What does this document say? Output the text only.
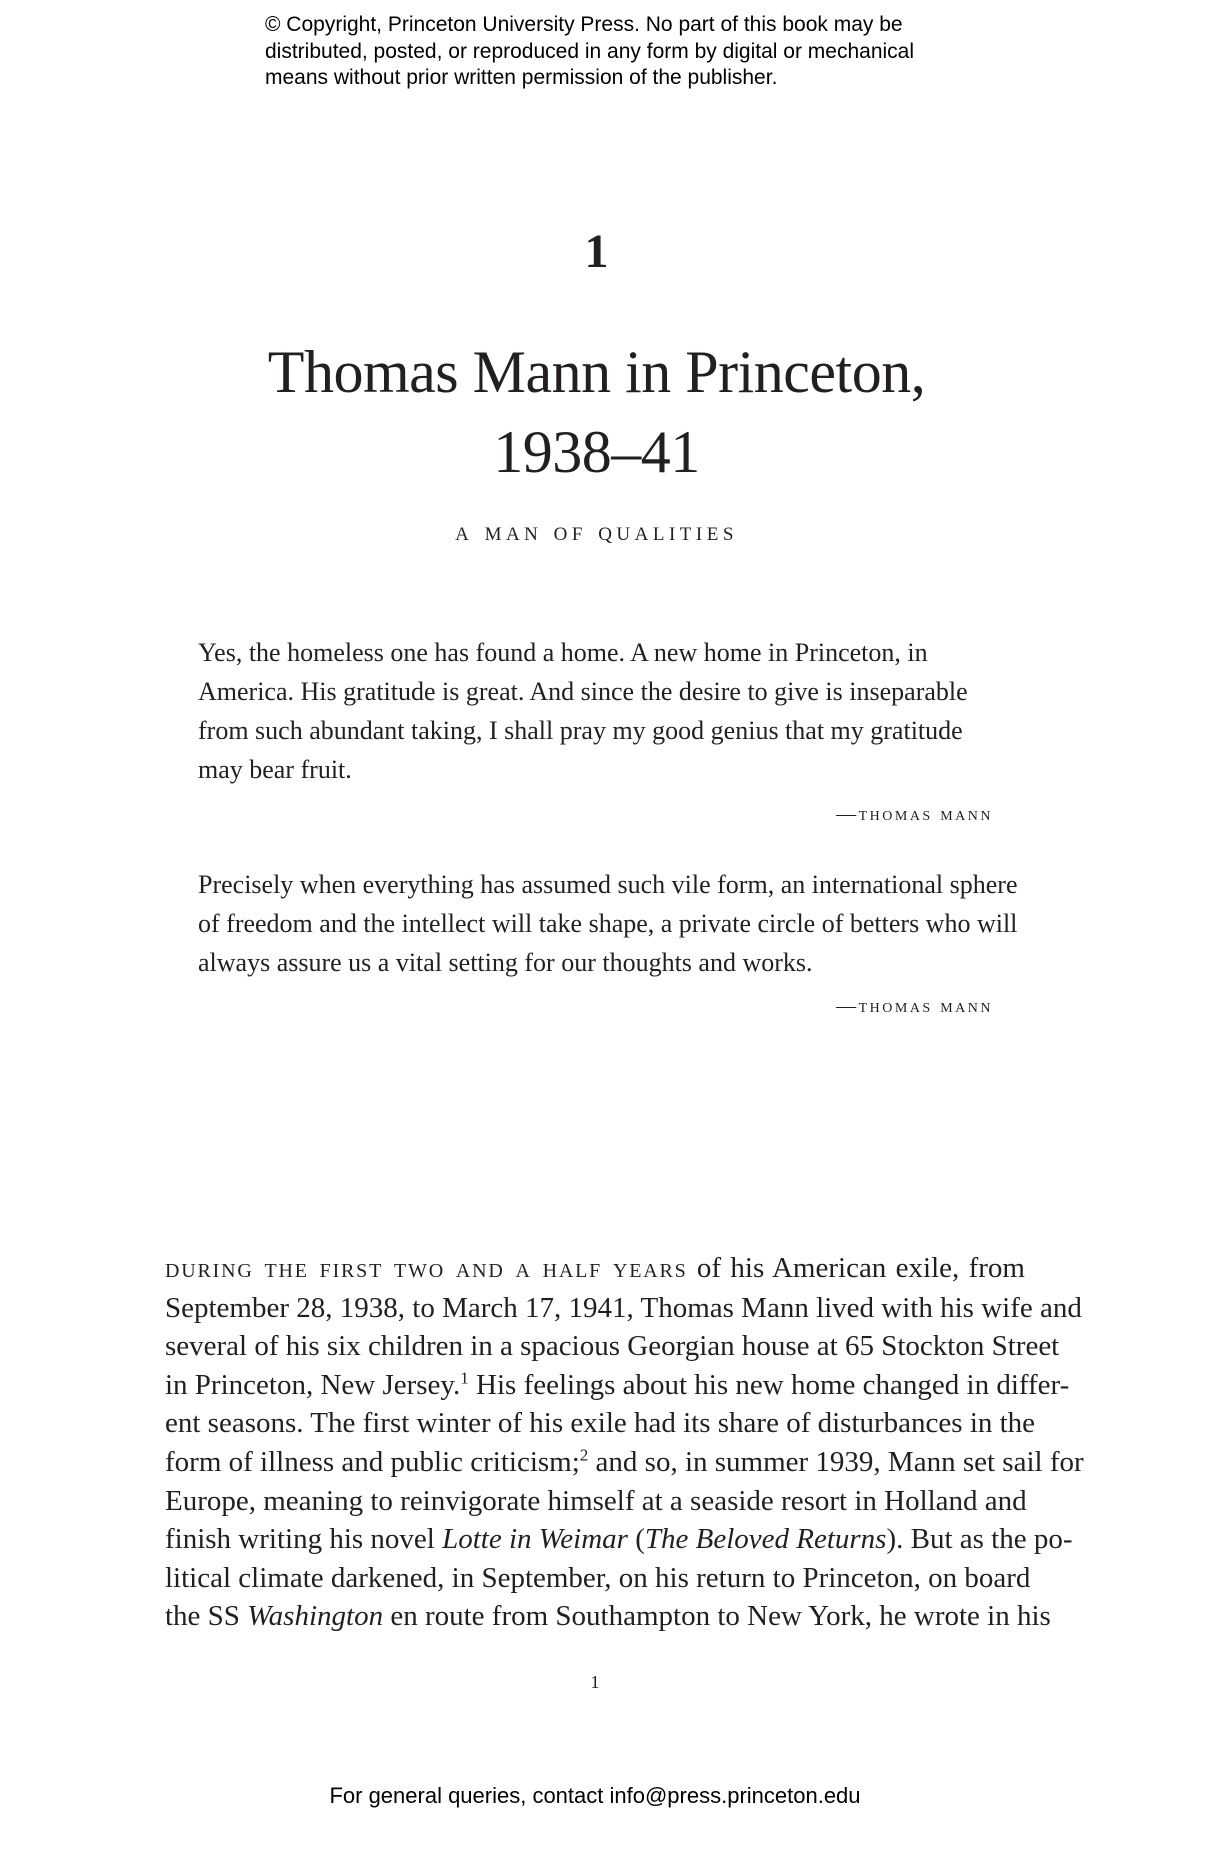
© Copyright, Princeton University Press. No part of this book may be
distributed, posted, or reproduced in any form by digital or mechanical
means without prior written permission of the publisher.
1
Thomas Mann in Princeton,
1938–41
a man of qualities
Yes, the homeless one has found a home. A new home in Princeton, in
America. His gratitude is great. And since the desire to give is inseparable
from such abundant taking, I shall pray my good genius that my gratitude
may bear fruit.
—thomas mann
Precisely when everything has assumed such vile form, an international sphere
of freedom and the intellect will take shape, a private circle of betters who will
always assure us a vital setting for our thoughts and works.
—thomas mann
during the first two and a half years of his American exile, from
September 28, 1938, to March 17, 1941, Thomas Mann lived with his wife and
several of his six children in a spacious Georgian house at 65 Stockton Street
in Princeton, New Jersey.$^1$ His feelings about his new home changed in differ-
ent seasons. The first winter of his exile had its share of disturbances in the
form of illness and public criticism;$^2$ and so, in summer 1939, Mann set sail for
Europe, meaning to reinvigorate himself at a seaside resort in Holland and
finish writing his novel Lotte in Weimar (The Beloved Returns). But as the po-
litical climate darkened, in September, on his return to Princeton, on board
the SS Washington en route from Southampton to New York, he wrote in his
1
For general queries, contact info@press.princeton.edu
